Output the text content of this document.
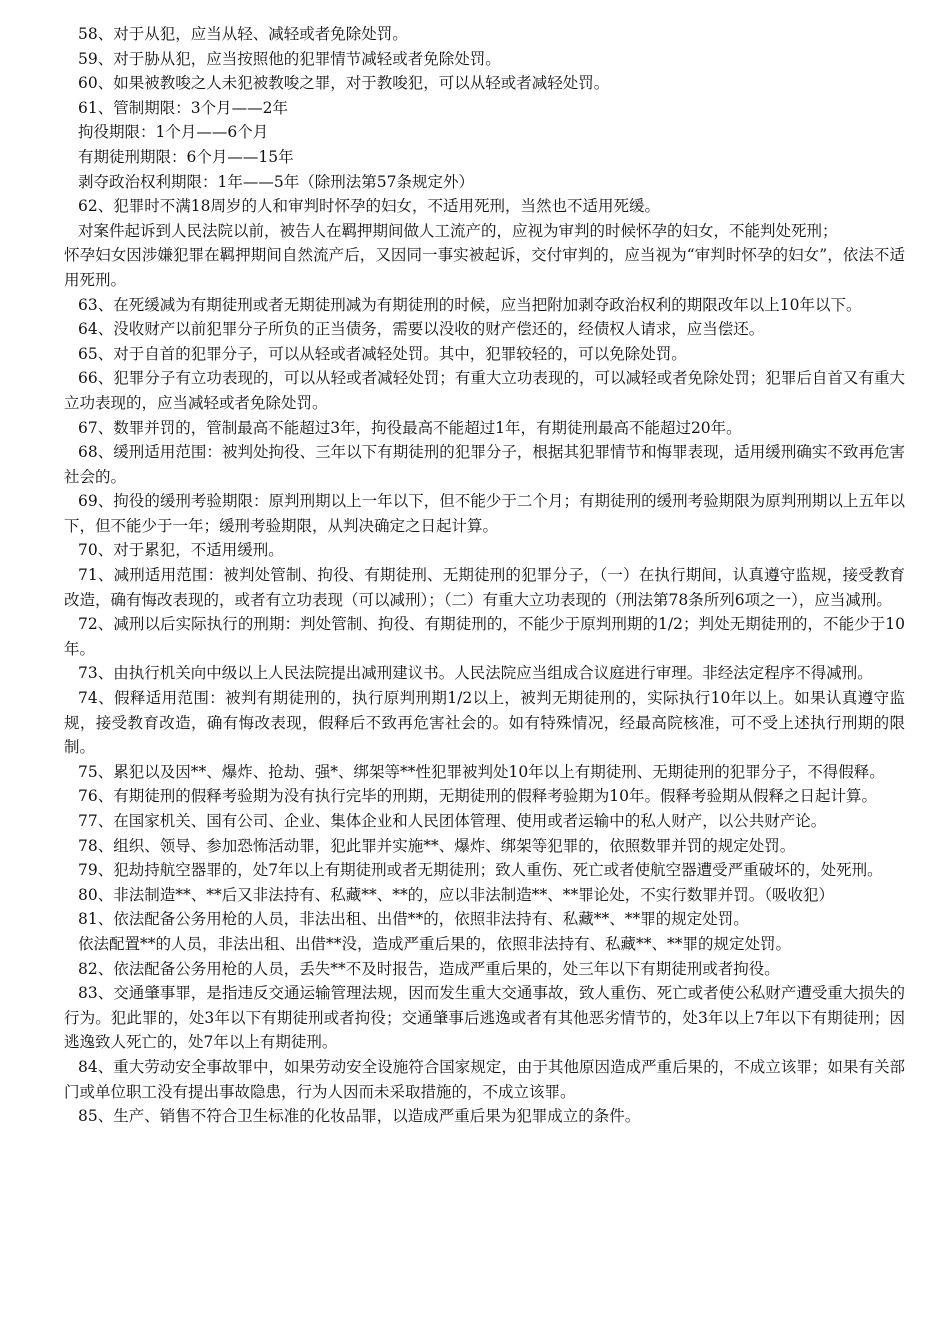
58、对于从犯，应当从轻、减轻或者免除处罚。

59、对于胁从犯，应当按照他的犯罪情节减轻或者免除处罚。

60、如果被教唆之人未犯被教唆之罪，对于教唆犯，可以从轻或者减轻处罚。

61、管制期限：3个月——2年

拘役期限：1个月——6个月

有期徒刑期限：6个月——15年

剥夺政治权利期限：1年——5年（除刑法第57条规定外）

62、犯罪时不满18周岁的人和审判时怀孕的妇女，不适用死刑，当然也不适用死缓。

对案件起诉到人民法院以前，被告人在羁押期间做人工流产的，应视为审判的时候怀孕的妇女，不能判处死刑；

怀孕妇女因涉嫌犯罪在羁押期间自然流产后，又因同一事实被起诉，交付审判的，应当视为“审判时怀孕的妇女”，依法不适用死刑。

63、在死缓减为有期徒刑或者无期徒刑减为有期徒刑的时候，应当把附加剥夺政治权利的期限改年以上10年以下。

64、没收财产以前犯罪分子所负的正当债务，需要以没收的财产偿还的，经债权人请求，应当偿还。

65、对于自首的犯罪分子，可以从轻或者减轻处罚。其中，犯罪较轻的，可以免除处罚。

66、犯罪分子有立功表现的，可以从轻或者减轻处罚；有重大立功表现的，可以减轻或者免除处罚；犯罪后自首又有重大立功表现的，应当减轻或者免除处罚。

67、数罪并罚的，管制最高不能超过3年，拘役最高不能超过1年，有期徒刑最高不能超过20年。

68、缓刑适用范围：被判处拘役、三年以下有期徒刑的犯罪分子，根据其犯罪情节和悔罪表现，适用缓刑确实不致再危害社会的。

69、拘役的缓刑考验期限：原判刑期以上一年以下，但不能少于二个月；有期徒刑的缓刑考验期限为原判刑期以上五年以下，但不能少于一年；缓刑考验期限，从判决确定之日起计算。

70、对于累犯，不适用缓刑。

71、减刑适用范围：被判处管制、拘役、有期徒刑、无期徒刑的犯罪分子，（一）在执行期间，认真遵守监规，接受教育改造，确有悔改表现的，或者有立功表现（可以减刑）；（二）有重大立功表现的（刑法第78条所列6项之一），应当减刑。

72、减刑以后实际执行的刑期：判处管制、拘役、有期徒刑的，不能少于原判刑期的1/2；判处无期徒刑的，不能少于10年。

73、由执行机关向中级以上人民法院提出减刑建议书。人民法院应当组成合议庭进行审理。非经法定程序不得减刑。

74、假释适用范围：被判有期徒刑的，执行原判刑期1/2以上，被判无期徒刑的，实际执行10年以上。如果认真遵守监规，接受教育改造，确有悔改表现，假释后不致再危害社会的。如有特殊情况，经最高院核准，可不受上述执行刑期的限制。

75、累犯以及因**、爆炸、抢劫、强*、绑架等**性犯罪被判处10年以上有期徒刑、无期徒刑的犯罪分子，不得假释。

76、有期徒刑的假释考验期为没有执行完毕的刑期，无期徒刑的假释考验期为10年。假释考验期从假释之日起计算。

77、在国家机关、国有公司、企业、集体企业和人民团体管理、使用或者运输中的私人财产，以公共财产论。

78、组织、领导、参加恐怖活动罪，犯此罪并实施**、爆炸、绑架等犯罪的，依照数罪并罚的规定处罚。

79、犯劫持航空器罪的，处7年以上有期徒刑或者无期徒刑；致人重伤、死亡或者使航空器遭受严重破坏的，处死刑。

80、非法制造**、**后又非法持有、私藏**、**的，应以非法制造**、**罪论处，不实行数罪并罚。（吸收犯）

81、依法配备公务用枪的人员，非法出租、出借**的，依照非法持有、私藏**、**罪的规定处罚。

依法配置**的人员，非法出租、出借**没，造成严重后果的，依照非法持有、私藏**、**罪的规定处罚。

82、依法配备公务用枪的人员，丢失**不及时报告，造成严重后果的，处三年以下有期徒刑或者拘役。

83、交通肇事罪，是指违反交通运输管理法规，因而发生重大交通事故，致人重伤、死亡或者使公私财产遭受重大损失的行为。犯此罪的，处3年以下有期徒刑或者拘役；交通肇事后逃逸或者有其他恶劣情节的，处3年以上7年以下有期徒刑；因逃逸致人死亡的，处7年以上有期徒刑。

84、重大劳动安全事故罪中，如果劳动安全设施符合国家规定，由于其他原因造成严重后果的，不成立该罪；如果有关部门或单位职工没有提出事故隐患，行为人因而未采取措施的，不成立该罪。

85、生产、销售不符合卫生标准的化妆品罪，以造成严重后果为犯罪成立的条件。
